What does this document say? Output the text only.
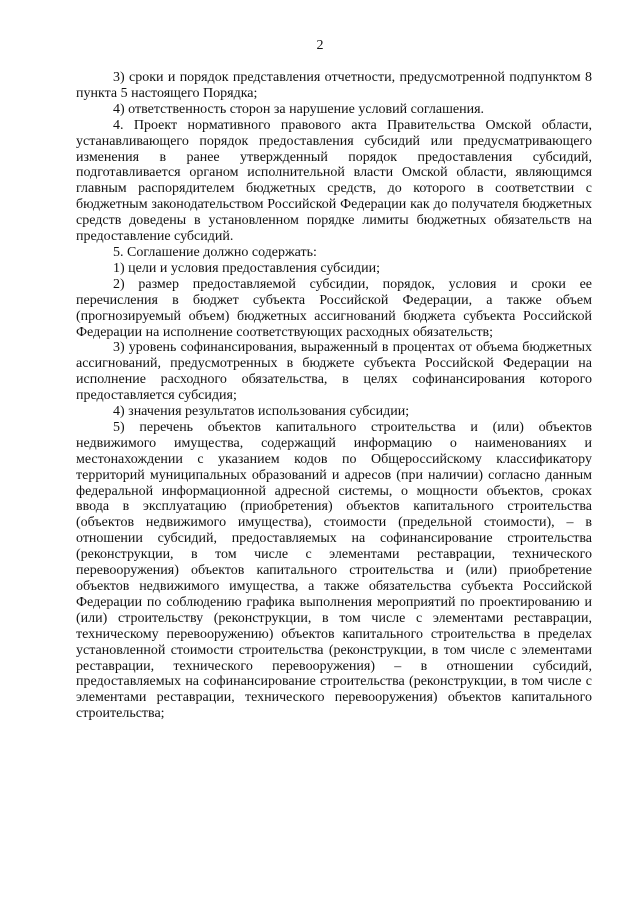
2

3) сроки и порядок представления отчетности, предусмотренной подпунктом 8 пункта 5 настоящего Порядка;

4) ответственность сторон за нарушение условий соглашения.

4. Проект нормативного правового акта Правительства Омской области, устанавливающего порядок предоставления субсидий или предусматривающего изменения в ранее утвержденный порядок предоставления субсидий, подготавливается органом исполнительной власти Омской области, являющимся главным распорядителем бюджетных средств, до которого в соответствии с бюджетным законодательством Российской Федерации как до получателя бюджетных средств доведены в установленном порядке лимиты бюджетных обязательств на предоставление субсидий.

5. Соглашение должно содержать:

1) цели и условия предоставления субсидии;

2) размер предоставляемой субсидии, порядок, условия и сроки ее перечисления в бюджет субъекта Российской Федерации, а также объем (прогнозируемый объем) бюджетных ассигнований бюджета субъекта Российской Федерации на исполнение соответствующих расходных обязательств;

3) уровень софинансирования, выраженный в процентах от объема бюджетных ассигнований, предусмотренных в бюджете субъекта Российской Федерации на исполнение расходного обязательства, в целях софинансирования которого предоставляется субсидия;

4) значения результатов использования субсидии;

5) перечень объектов капитального строительства и (или) объектов недвижимого имущества, содержащий информацию о наименованиях и местонахождении с указанием кодов по Общероссийскому классификатору территорий муниципальных образований и адресов (при наличии) согласно данным федеральной информационной адресной системы, о мощности объектов, сроках ввода в эксплуатацию (приобретения) объектов капитального строительства (объектов недвижимого имущества), стоимости (предельной стоимости), – в отношении субсидий, предоставляемых на софинансирование строительства (реконструкции, в том числе с элементами реставрации, технического перевооружения) объектов капитального строительства и (или) приобретение объектов недвижимого имущества, а также обязательства субъекта Российской Федерации по соблюдению графика выполнения мероприятий по проектированию и (или) строительству (реконструкции, в том числе с элементами реставрации, техническому перевооружению) объектов капитального строительства в пределах установленной стоимости строительства (реконструкции, в том числе с элементами реставрации, технического перевооружения) – в отношении субсидий, предоставляемых на софинансирование строительства (реконструкции, в том числе с элементами реставрации, технического перевооружения) объектов капитального строительства;
